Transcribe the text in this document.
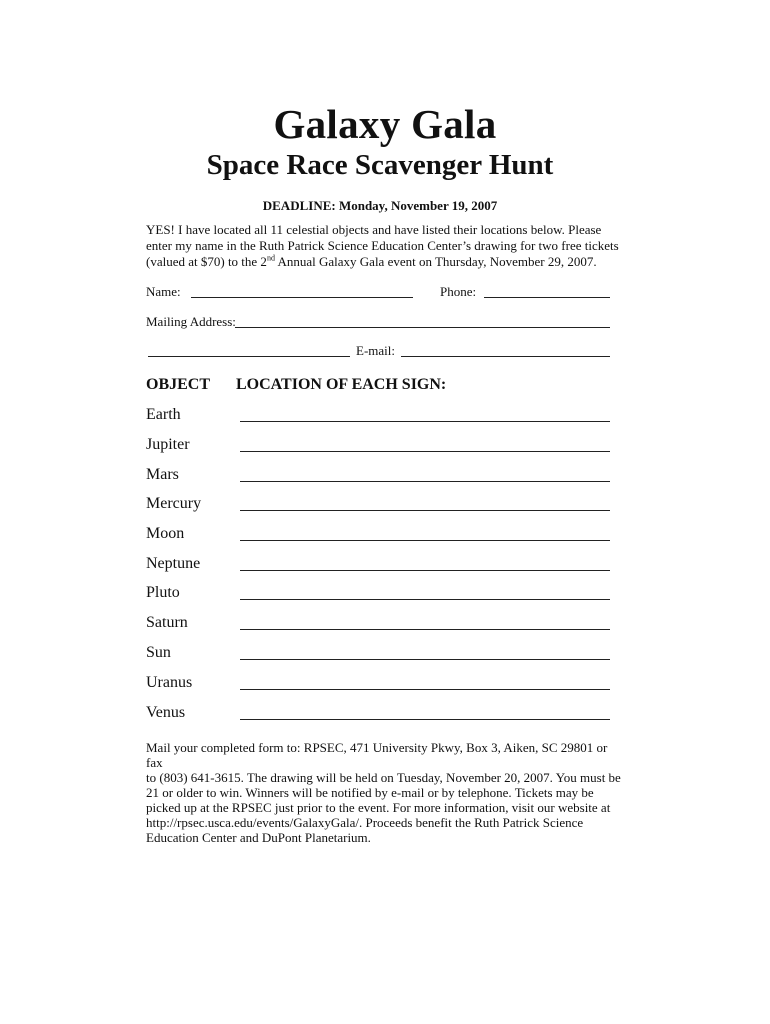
Galaxy Gala
Space Race Scavenger Hunt
DEADLINE: Monday, November 19, 2007
YES! I have located all 11 celestial objects and have listed their locations below. Please enter my name in the Ruth Patrick Science Education Center’s drawing for two free tickets (valued at $70) to the 2nd Annual Galaxy Gala event on Thursday, November 29, 2007.
Name:	Phone:
Mailing Address:
E-mail:
OBJECT LOCATION OF EACH SIGN:
Earth
Jupiter
Mars
Mercury
Moon
Neptune
Pluto
Saturn
Sun
Uranus
Venus
Mail your completed form to: RPSEC, 471 University Pkwy, Box 3, Aiken, SC 29801 or fax
to (803) 641-3615. The drawing will be held on Tuesday, November 20, 2007. You must be
21 or older to win. Winners will be notified by e-mail or by telephone. Tickets may be
picked up at the RPSEC just prior to the event. For more information, visit our website at
http://rpsec.usca.edu/events/GalaxyGala/. Proceeds benefit the Ruth Patrick Science
Education Center and DuPont Planetarium.
